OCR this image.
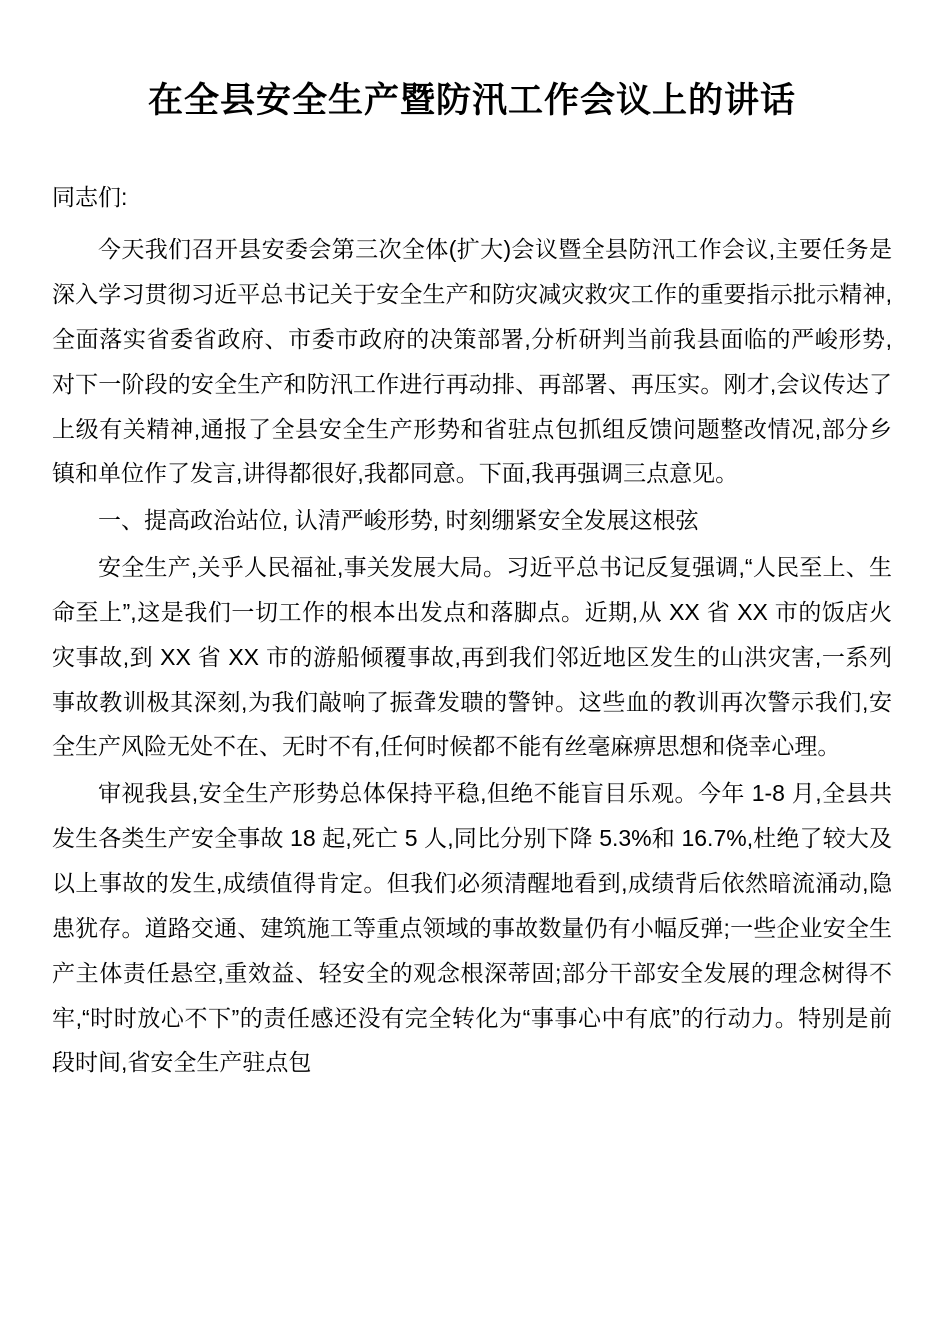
在全县安全生产暨防汛工作会议上的讲话
同志们:

今天我们召开县安委会第三次全体(扩大)会议暨全县防汛工作会议,主要任务是深入学习贯彻习近平总书记关于安全生产和防灾减灾救灾工作的重要指示批示精神,全面落实省委省政府、市委市政府的决策部署,分析研判当前我县面临的严峻形势,对下一阶段的安全生产和防汛工作进行再动排、再部署、再压实。刚才,会议传达了上级有关精神,通报了全县安全生产形势和省驻点包抓组反馈问题整改情况,部分乡镇和单位作了发言,讲得都很好,我都同意。下面,我再强调三点意见。

一、提高政治站位, 认清严峻形势, 时刻绷紧安全发展这根弦

安全生产,关乎人民福祉,事关发展大局。习近平总书记反复强调,“人民至上、生命至上”,这是我们一切工作的根本出发点和落脚点。近期,从 XX 省 XX 市的饭店火灾事故,到 XX 省 XX 市的游船倾覆事故,再到我们邻近地区发生的山洪灾害,一系列事故教训极其深刻,为我们敲响了振聋发聩的警钟。这些血的教训再次警示我们,安全生产风险无处不在、无时不有,任何时候都不能有丝毫麻痹思想和侥幸心理。

审视我县,安全生产形势总体保持平稳,但绝不能盲目乐观。今年 1-8 月,全县共发生各类生产安全事故 18 起,死亡 5 人,同比分别下降 5.3%和 16.7%,杜绝了较大及以上事故的发生,成绩值得肯定。但我们必须清醒地看到,成绩背后依然暗流涌动,隐患犹存。道路交通、建筑施工等重点领域的事故数量仍有小幅反弹;一些企业安全生产主体责任悬空,重效益、轻安全的观念根深蒂固;部分干部安全发展的理念树得不牢,“时时放心不下”的责任感还没有完全转化为“事事心中有底”的行动力。特别是前段时间,省安全生产驻点包
